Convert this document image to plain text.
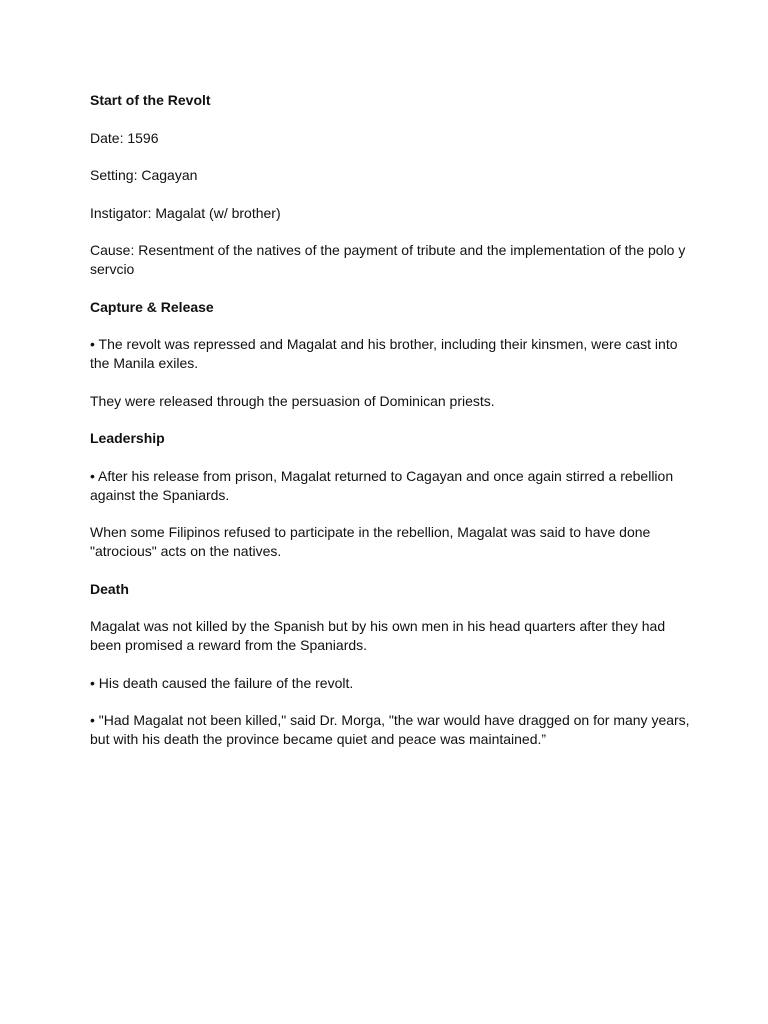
Start of the Revolt

Date: 1596

Setting: Cagayan

Instigator: Magalat (w/ brother)

Cause: Resentment of the natives of the payment of tribute and the implementation of the polo y servcio

Capture & Release

• The revolt was repressed and Magalat and his brother, including their kinsmen, were cast into the Manila exiles.

They were released through the persuasion of Dominican priests.

Leadership

• After his release from prison, Magalat returned to Cagayan and once again stirred a rebellion against the Spaniards.

When some Filipinos refused to participate in the rebellion, Magalat was said to have done "atrocious" acts on the natives.

Death

Magalat was not killed by the Spanish but by his own men in his head quarters after they had been promised a reward from the Spaniards.

• His death caused the failure of the revolt.

• "Had Magalat not been killed," said Dr. Morga, "the war would have dragged on for many years, but with his death the province became quiet and peace was maintained.”
